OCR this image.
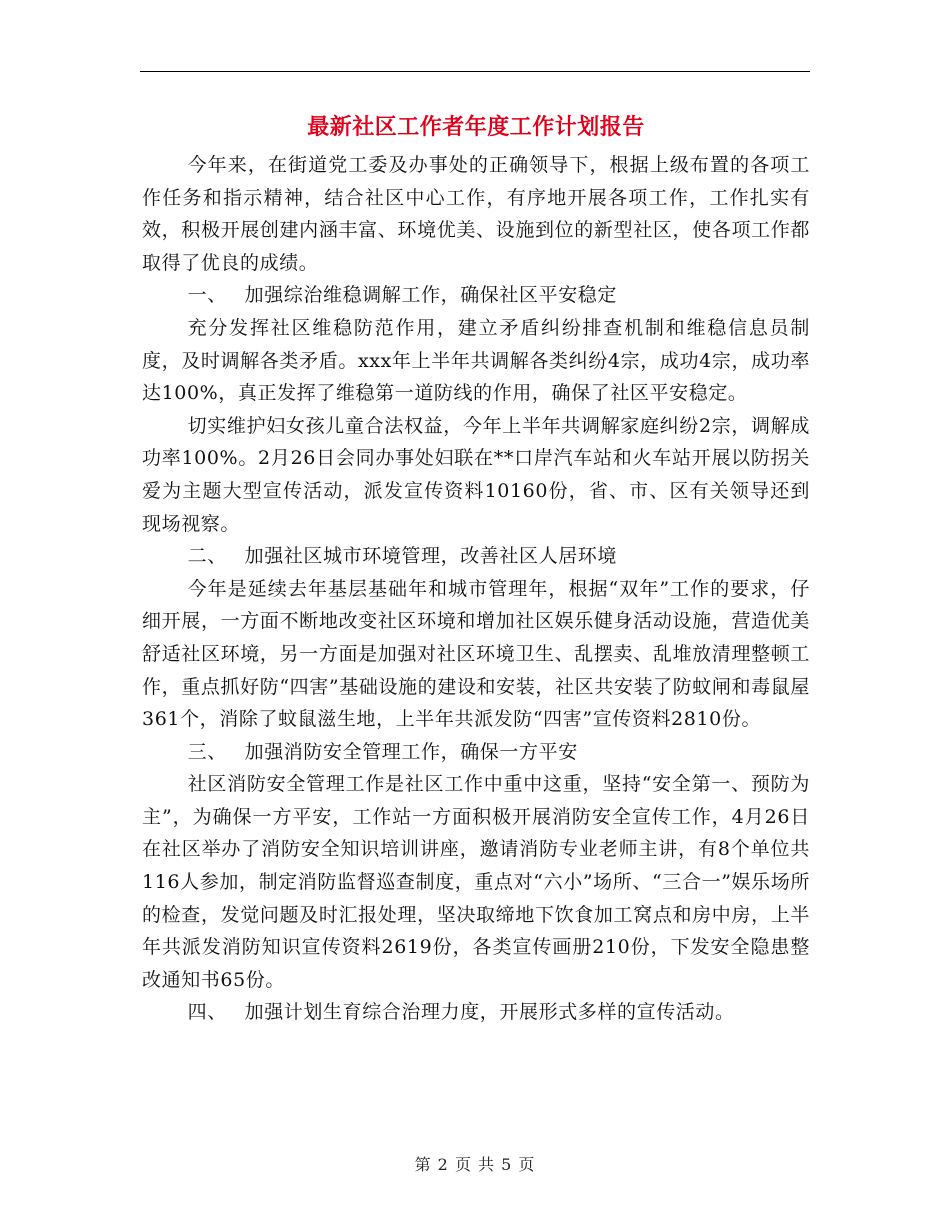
最新社区工作者年度工作计划报告

今年来，在街道党工委及办事处的正确领导下，根据上级布置的各项工作任务和指示精神，结合社区中心工作，有序地开展各项工作，工作扎实有效，积极开展创建内涵丰富、环境优美、设施到位的新型社区，使各项工作都取得了优良的成绩。

一、 加强综治维稳调解工作，确保社区平安稳定

充分发挥社区维稳防范作用，建立矛盾纠纷排查机制和维稳信息员制度，及时调解各类矛盾。xxx年上半年共调解各类纠纷4宗，成功4宗，成功率达100%，真正发挥了维稳第一道防线的作用，确保了社区平安稳定。

切实维护妇女孩儿童合法权益，今年上半年共调解家庭纠纷2宗，调解成功率100%。2月26日会同办事处妇联在**口岸汽车站和火车站开展以防拐关爱为主题大型宣传活动，派发宣传资料10160份，省、市、区有关领导还到现场视察。

二、 加强社区城市环境管理，改善社区人居环境

今年是延续去年基层基础年和城市管理年，根据“双年”工作的要求，仔细开展，一方面不断地改变社区环境和增加社区娱乐健身活动设施，营造优美舒适社区环境，另一方面是加强对社区环境卫生、乱摆卖、乱堆放清理整顿工作，重点抓好防“四害”基础设施的建设和安装，社区共安装了防蚊闸和毒鼠屋361个，消除了蚊鼠滋生地，上半年共派发防“四害”宣传资料2810份。

三、 加强消防安全管理工作，确保一方平安

社区消防安全管理工作是社区工作中重中这重，坚持“安全第一、预防为主”，为确保一方平安，工作站一方面积极开展消防安全宣传工作，4月26日在社区举办了消防安全知识培训讲座，邀请消防专业老师主讲，有8个单位共116人参加，制定消防监督巡查制度，重点对“六小”场所、“三合一”娱乐场所的检查，发觉问题及时汇报处理，坚决取缔地下饮食加工窝点和房中房，上半年共派发消防知识宣传资料2619份，各类宣传画册210份，下发安全隐患整改通知书65份。

四、 加强计划生育综合治理力度，开展形式多样的宣传活动。
第 2 页 共 5 页
